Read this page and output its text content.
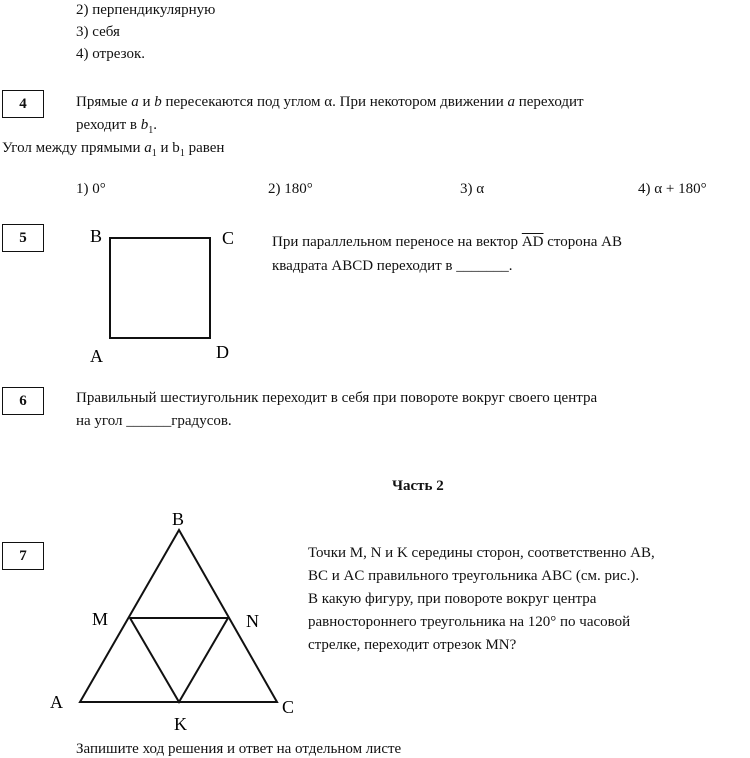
2) перпендикулярную
3) себя
4) отрезок.
4	Прямые a и b пересекаются под углом α. При некотором движении a переходит
реходит в $b_1$.
Угол между прямыми $a_1$ и $b_1$ равен
1) 0°	2) 180°	3) α	4) α + 180°
5	B	C
A	D
При параллельном переносе на вектор $\overline{AD}$ сторона AB
квадрата ABCD переходит в _______.
6	Правильный шестиугольник переходит в себя при повороте вокруг своего центра
на угол ______градусов.
Часть 2
7
B
M	N
A	C
K
Точки M, N и K середины сторон, соответственно AB,
BC и AC правильного треугольника ABC (см. рис.).
В какую фигуру, при повороте вокруг центра
равностороннего треугольника на 120° по часовой
стрелке, переходит отрезок MN?
Запишите ход решения и ответ на отдельном листе
